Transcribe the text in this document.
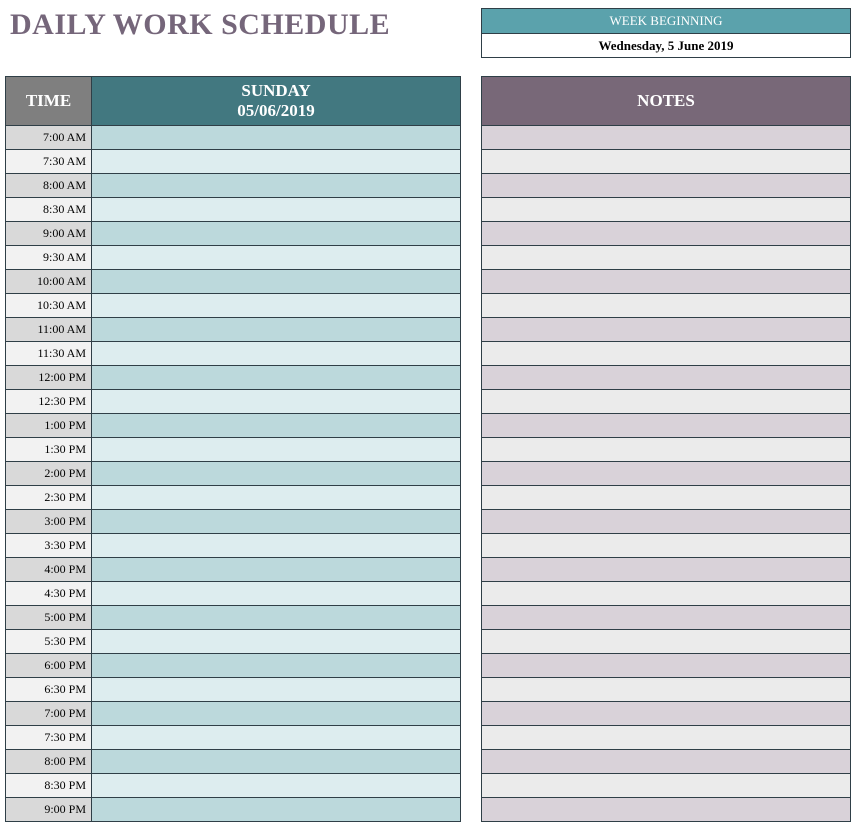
DAILY WORK SCHEDULE	WEEK BEGINNING
Wednesday, 5 June 2019
TIME
SUNDAY
05/06/2019
7:00 AM
7:30 AM
8:00 AM
8:30 AM
9:00 AM
9:30 AM
10:00 AM
10:30 AM
11:00 AM
11:30 AM
12:00 PM
12:30 PM
1:00 PM
1:30 PM
2:00 PM
2:30 PM
3:00 PM
3:30 PM
4:00 PM
4:30 PM
5:00 PM
5:30 PM
6:00 PM
6:30 PM
7:00 PM
7:30 PM
8:00 PM
8:30 PM
9:00 PM
NOTES
